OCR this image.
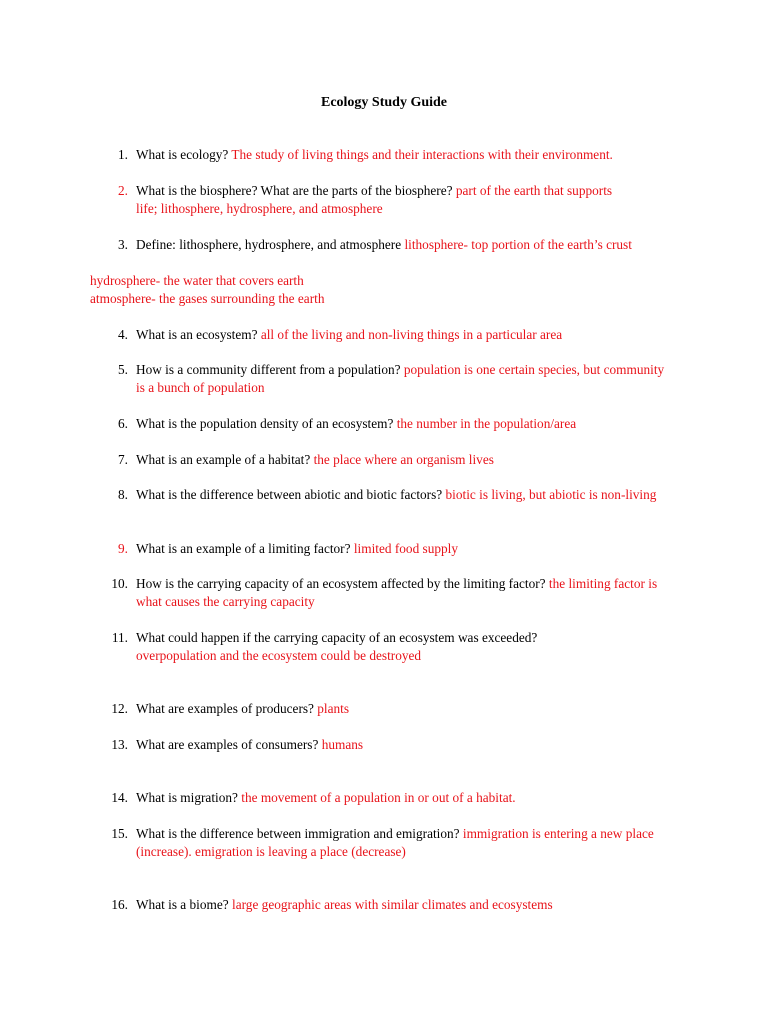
Ecology Study Guide
1. What is ecology? The study of living things and their interactions with their environment.
2. What is the biosphere? What are the parts of the biosphere? part of the earth that supports life; lithosphere, hydrosphere, and atmosphere
3. Define: lithosphere, hydrosphere, and atmosphere lithosphere- top portion of the earth’s crust
hydrosphere- the water that covers earth
atmosphere- the gases surrounding the earth
4. What is an ecosystem? all of the living and non-living things in a particular area
5. How is a community different from a population? population is one certain species, but community is a bunch of population
6. What is the population density of an ecosystem? the number in the population/area
7. What is an example of a habitat? the place where an organism lives
8. What is the difference between abiotic and biotic factors? biotic is living, but abiotic is non-living
9. What is an example of a limiting factor? limited food supply
10. How is the carrying capacity of an ecosystem affected by the limiting factor? the limiting factor is what causes the carrying capacity
11. What could happen if the carrying capacity of an ecosystem was exceeded?
overpopulation and the ecosystem could be destroyed
12. What are examples of producers? plants
13. What are examples of consumers? humans
14. What is migration? the movement of a population in or out of a habitat.
15. What is the difference between immigration and emigration? immigration is entering a new place (increase). emigration is leaving a place (decrease)
16. What is a biome? large geographic areas with similar climates and ecosystems
